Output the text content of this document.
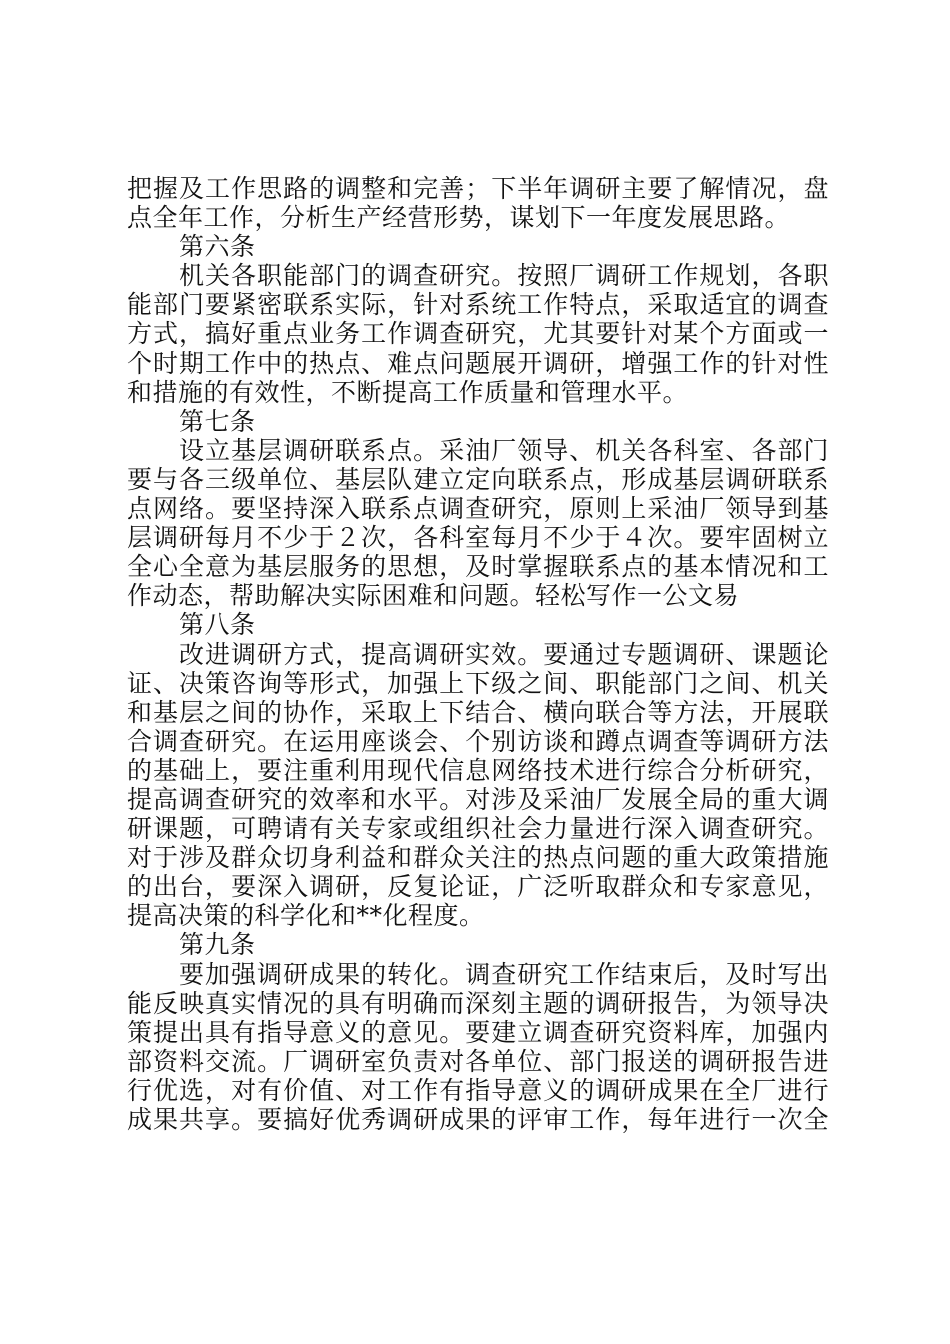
把握及工作思路的调整和完善；下半年调研主要了解情况，盘
点全年工作，分析生产经营形势，谋划下一年度发展思路。
第六条
机关各职能部门的调查研究。按照厂调研工作规划，各职
能部门要紧密联系实际，针对系统工作特点，采取适宜的调查
方式，搞好重点业务工作调查研究，尤其要针对某个方面或一
个时期工作中的热点、难点问题展开调研，增强工作的针对性
和措施的有效性，不断提高工作质量和管理水平。
第七条
设立基层调研联系点。采油厂领导、机关各科室、各部门
要与各三级单位、基层队建立定向联系点，形成基层调研联系
点网络。要坚持深入联系点调查研究，原则上采油厂领导到基
层调研每月不少于２次，各科室每月不少于４次。要牢固树立
全心全意为基层服务的思想，及时掌握联系点的基本情况和工
作动态，帮助解决实际困难和问题。轻松写作一公文易
第八条
改进调研方式，提高调研实效。要通过专题调研、课题论
证、决策咨询等形式，加强上下级之间、职能部门之间、机关
和基层之间的协作，采取上下结合、横向联合等方法，开展联
合调查研究。在运用座谈会、个别访谈和蹲点调查等调研方法
的基础上，要注重利用现代信息网络技术进行综合分析研究，
提高调查研究的效率和水平。对涉及采油厂发展全局的重大调
研课题，可聘请有关专家或组织社会力量进行深入调查研究。
对于涉及群众切身利益和群众关注的热点问题的重大政策措施
的出台，要深入调研，反复论证，广泛听取群众和专家意见，
提高决策的科学化和**化程度。
第九条
要加强调研成果的转化。调查研究工作结束后，及时写出
能反映真实情况的具有明确而深刻主题的调研报告，为领导决
策提出具有指导意义的意见。要建立调查研究资料库，加强内
部资料交流。厂调研室负责对各单位、部门报送的调研报告进
行优选，对有价值、对工作有指导意义的调研成果在全厂进行
成果共享。要搞好优秀调研成果的评审工作，每年进行一次全
